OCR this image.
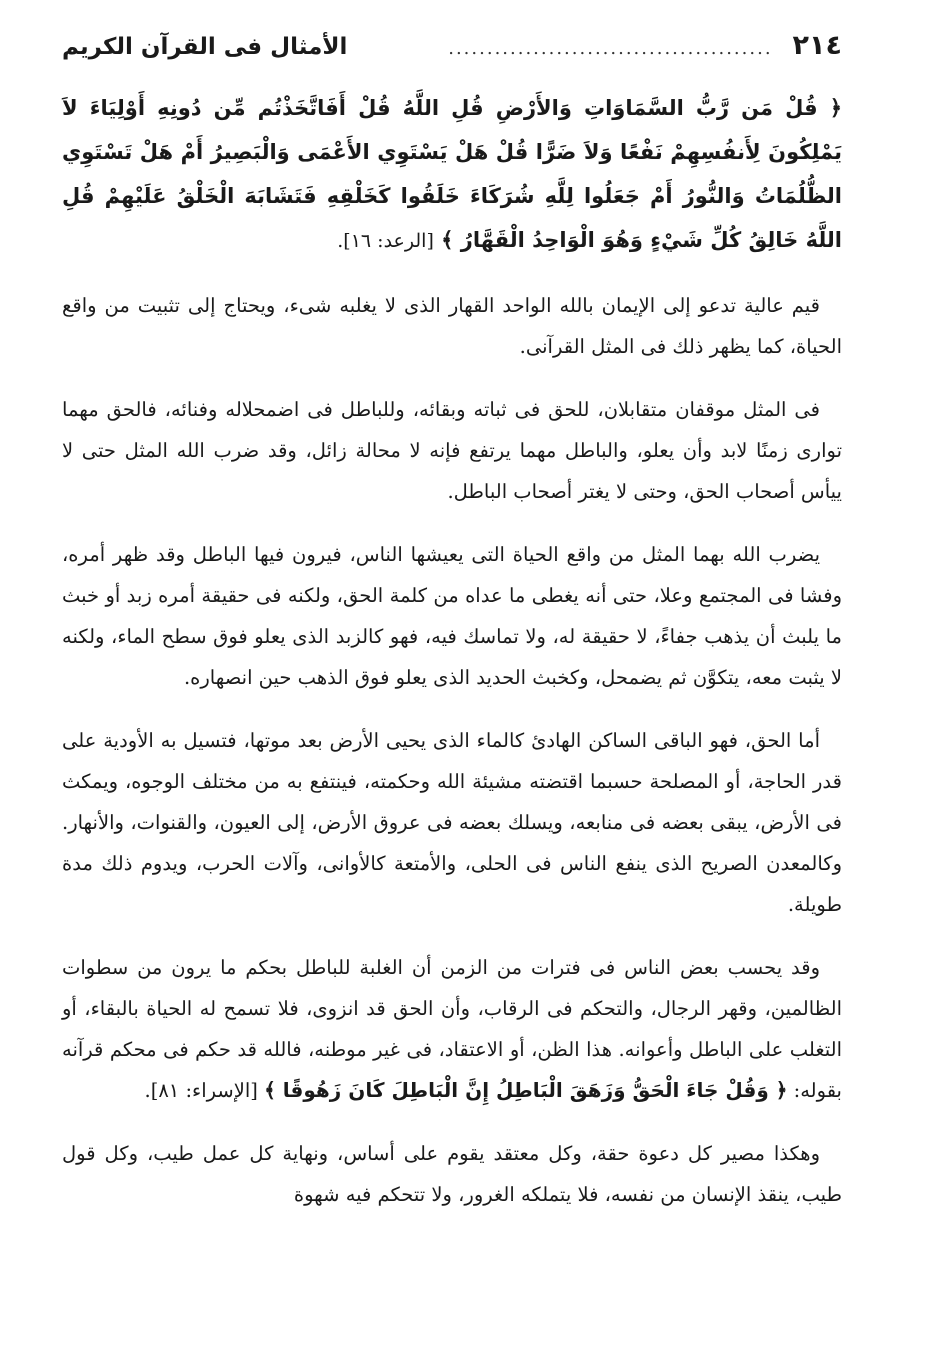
٢١٤
..........................................
الأمثال فى القرآن الكريم
﴿ قُلْ مَن رَّبُّ السَّمَاوَاتِ وَالأَرْضِ قُلِ اللَّهُ قُلْ أَفَاتَّخَذْتُم مِّن دُونِهِ أَوْلِيَاءَ لاَ يَمْلِكُونَ لِأَنفُسِهِمْ نَفْعًا وَلاَ ضَرًّا قُلْ هَلْ يَسْتَوِي الأَعْمَى وَالْبَصِيرُ أَمْ هَلْ تَسْتَوِي الظُّلُمَاتُ وَالنُّورُ أَمْ جَعَلُوا لِلَّهِ شُرَكَاءَ خَلَقُوا كَخَلْقِهِ فَتَشَابَهَ الْخَلْقُ عَلَيْهِمْ قُلِ اللَّهُ خَالِقُ كُلِّ شَيْءٍ وَهُوَ الْوَاحِدُ الْقَهَّارُ ﴾ [الرعد: ١٦].

قيم عالية تدعو إلى الإيمان بالله الواحد القهار الذى لا يغلبه شىء، ويحتاج إلى تثبيت من واقع الحياة، كما يظهر ذلك فى المثل القرآنى.

فى المثل موقفان متقابلان، للحق فى ثباته وبقائه، وللباطل فى اضمحلاله وفنائه، فالحق مهما توارى زمنًا لابد وأن يعلو، والباطل مهما يرتفع فإنه لا محالة زائل، وقد ضرب الله المثل حتى لا ييأس أصحاب الحق، وحتى لا يغتر أصحاب الباطل.

يضرب الله بهما المثل من واقع الحياة التى يعيشها الناس، فيرون فيها الباطل وقد ظهر أمره، وفشا فى المجتمع وعلا، حتى أنه يغطى ما عداه من كلمة الحق، ولكنه فى حقيقة أمره زبد أو خبث ما يلبث أن يذهب جفاءً، لا حقيقة له، ولا تماسك فيه، فهو كالزبد الذى يعلو فوق سطح الماء، ولكنه لا يثبت معه، يتكوَّن ثم يضمحل، وكخبث الحديد الذى يعلو فوق الذهب حين انصهاره.

أما الحق، فهو الباقى الساكن الهادئ كالماء الذى يحيى الأرض بعد موتها، فتسيل به الأودية على قدر الحاجة، أو المصلحة حسبما اقتضته مشيئة الله وحكمته، فينتفع به من مختلف الوجوه، ويمكث فى الأرض، يبقى بعضه فى منابعه، ويسلك بعضه فى عروق الأرض، إلى العيون، والقنوات، والأنهار. وكالمعدن الصريح الذى ينفع الناس فى الحلى، والأمتعة كالأوانى، وآلات الحرب، ويدوم ذلك مدة طويلة.

وقد يحسب بعض الناس فى فترات من الزمن أن الغلبة للباطل بحكم ما يرون من سطوات الظالمين، وقهر الرجال، والتحكم فى الرقاب، وأن الحق قد انزوى، فلا تسمح له الحياة بالبقاء، أو التغلب على الباطل وأعوانه. هذا الظن، أو الاعتقاد، فى غير موطنه، فالله قد حكم فى محكم قرآنه بقوله: ﴿ وَقُلْ جَاءَ الْحَقُّ وَزَهَقَ الْبَاطِلُ إِنَّ الْبَاطِلَ كَانَ زَهُوقًا ﴾ [الإسراء: ٨١].

وهكذا مصير كل دعوة حقة، وكل معتقد يقوم على أساس، ونهاية كل عمل طيب، وكل قول طيب، ينقذ الإنسان من نفسه، فلا يتملكه الغرور، ولا تتحكم فيه شهوة
